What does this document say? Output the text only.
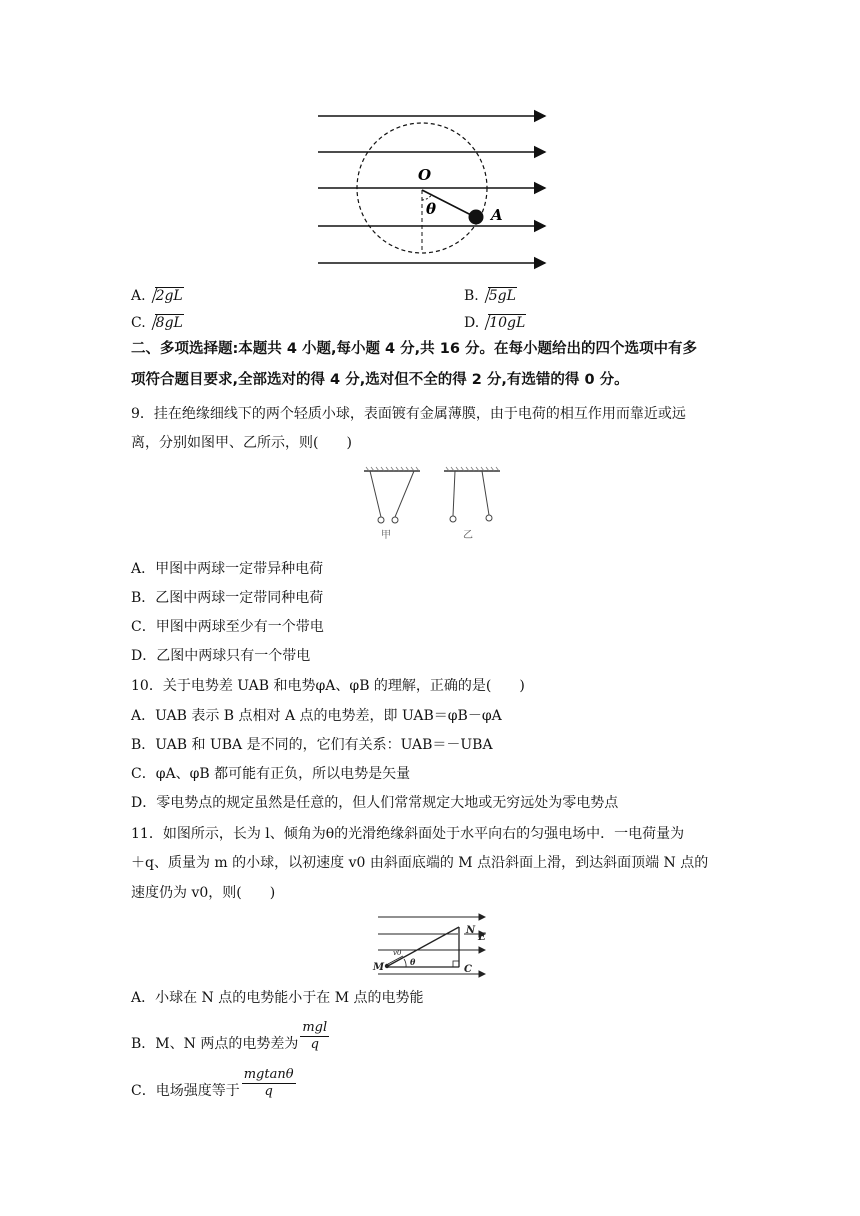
O
θ	A
A. 2gL	B. 5gL
C. 8gL	D. 10gL
二、多项选择题:本题共 4 小题,每小题 4 分,共 16 分。在每小题给出的四个选项中有多
项符合题目要求,全部选对的得 4 分,选对但不全的得 2 分,有选错的得 0 分。
9．挂在绝缘细线下的两个轻质小球，表面镀有金属薄膜，由于电荷的相互作用而靠近或远
离，分别如图甲、乙所示，则(　　)
甲	乙
A．甲图中两球一定带异种电荷
B．乙图中两球一定带同种电荷
C．甲图中两球至少有一个带电
D．乙图中两球只有一个带电
10．关于电势差 UAB 和电势φA、φB 的理解，正确的是(　　)
A．UAB 表示 B 点相对 A 点的电势差，即 UAB＝φB－φA
B．UAB 和 UBA 是不同的，它们有关系：UAB＝－UBA
C．φA、φB 都可能有正负，所以电势是矢量
D．零电势点的规定虽然是任意的，但人们常常规定大地或无穷远处为零电势点
11．如图所示，长为 l、倾角为θ的光滑绝缘斜面处于水平向右的匀强电场中．一电荷量为
＋q、质量为 m 的小球，以初速度 v0 由斜面底端的 M 点沿斜面上滑，到达斜面顶端 N 点的
速度仍为 v0，则(　　)
v0
θ
N
E
M	C
A．小球在 N 点的电势能小于在 M 点的电势能
B．M、N 两点的电势差为 $\frac{\text{mgl}}{q}$
C．电场强度等于 $\frac{mgtan\theta}{q}$
